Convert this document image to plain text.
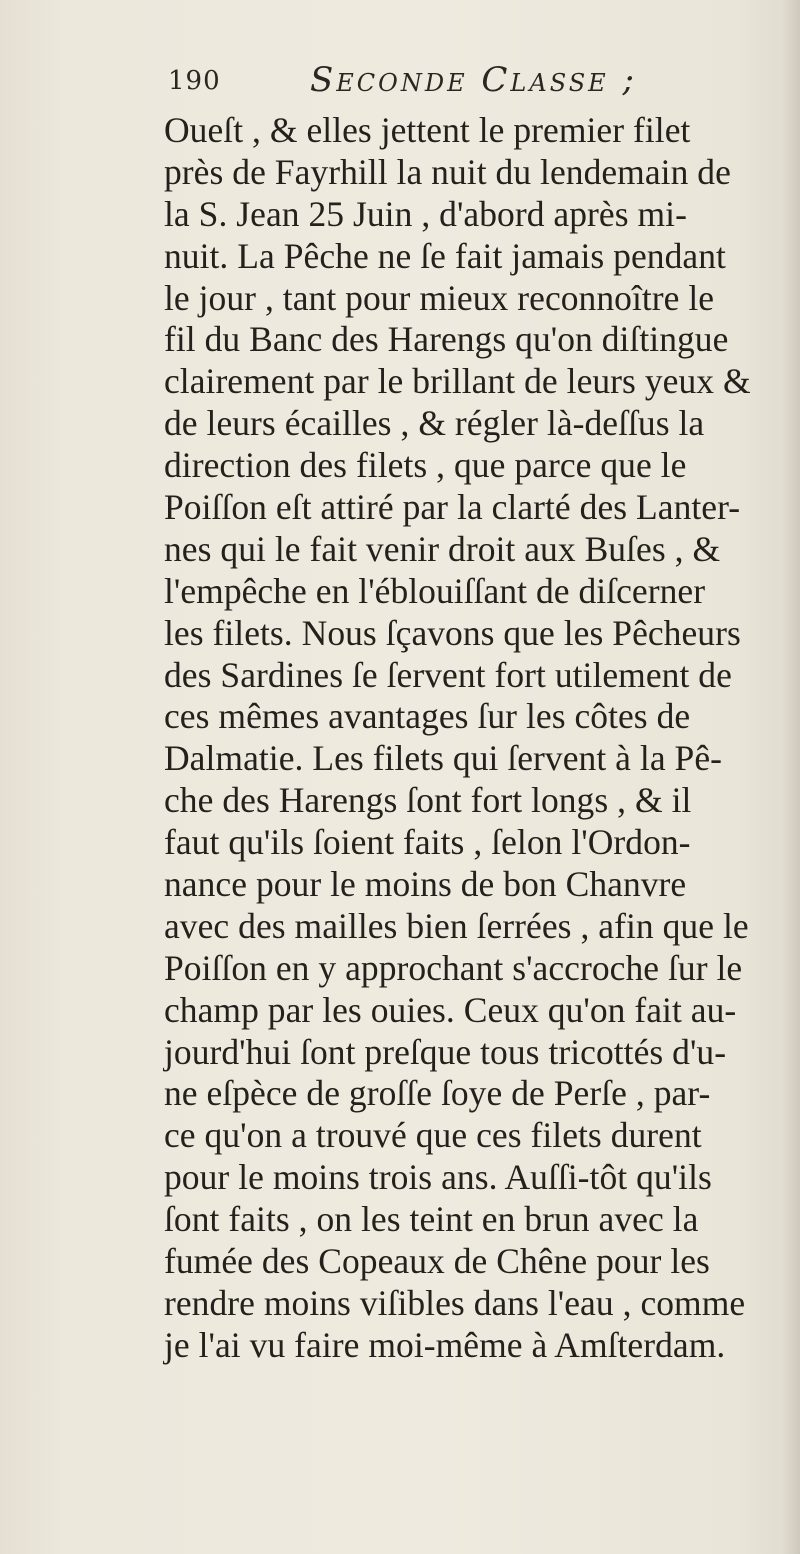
190	Seconde Classe ;
Oueſt , & elles jettent le premier filet
près de Fayrhill la nuit du lendemain de
la S. Jean 25 Juin , d'abord après mi-
nuit. La Pêche ne ſe fait jamais pendant
le jour , tant pour mieux reconnoître le
fil du Banc des Harengs qu'on diſtingue
clairement par le brillant de leurs yeux &
de leurs écailles , & régler là-deſſus la
direction des filets , que parce que le
Poiſſon eſt attiré par la clarté des Lanter-
nes qui le fait venir droit aux Buſes , &
l'empêche en l'éblouiſſant de diſcerner
les filets. Nous ſçavons que les Pêcheurs
des Sardines ſe ſervent fort utilement de
ces mêmes avantages ſur les côtes de
Dalmatie. Les filets qui ſervent à la Pê-
che des Harengs ſont fort longs , & il
faut qu'ils ſoient faits , ſelon l'Ordon-
nance pour le moins de bon Chanvre
avec des mailles bien ſerrées , afin que le
Poiſſon en y approchant s'accroche ſur le
champ par les ouies. Ceux qu'on fait au-
jourd'hui ſont preſque tous tricottés d'u-
ne eſpèce de groſſe ſoye de Perſe , par-
ce qu'on a trouvé que ces filets durent
pour le moins trois ans. Auſſi-tôt qu'ils
ſont faits , on les teint en brun avec la
fumée des Copeaux de Chêne pour les
rendre moins viſibles dans l'eau , comme
je l'ai vu faire moi-même à Amſterdam.
